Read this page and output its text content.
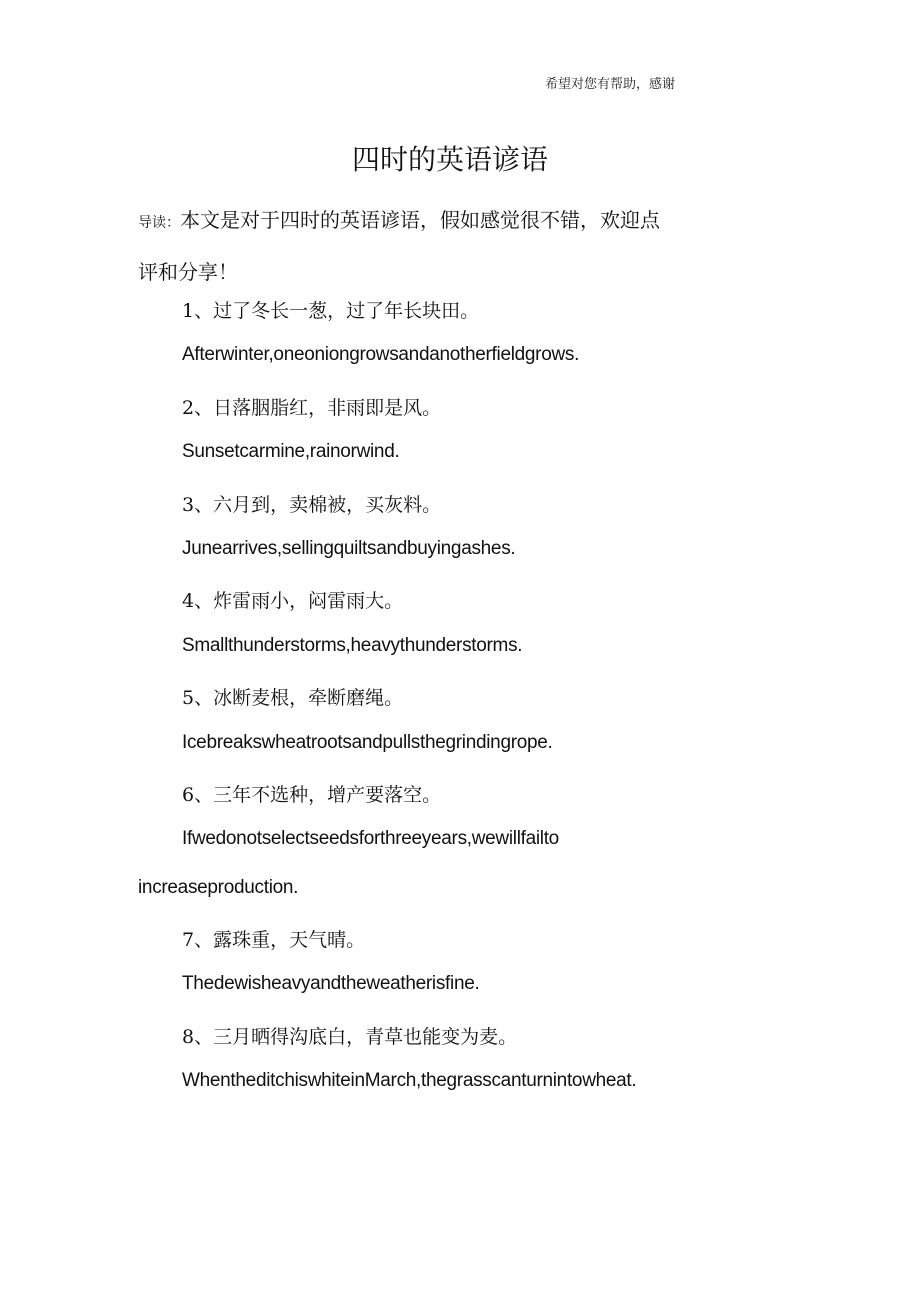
希望对您有帮助，感谢
四时的英语谚语
导读：本文是对于四时的英语谚语，假如感觉很不错，欢迎点
评和分享！
1、过了冬长一葱，过了年长块田。
Afterwinter,oneoniongrowsandanotherfieldgrows.
2、日落胭脂红，非雨即是风。
Sunsetcarmine,rainorwind.
3、六月到，卖棉被，买灰料。
Junearrives,sellingquiltsandbuyingashes.
4、炸雷雨小，闷雷雨大。
Smallthunderstorms,heavythunderstorms.
5、冰断麦根，牵断磨绳。
Icebreakswheatrootsandpullsthegrindingrope.
6、三年不选种，增产要落空。
Ifwedonotselectseedsforthreeyears,wewillfailto
increaseproduction.
7、露珠重，天气晴。
Thedewisheavyandtheweatherisfine.
8、三月晒得沟底白，青草也能变为麦。
WhentheditchiswhiteinMarch,thegrasscanturnintowheat.
